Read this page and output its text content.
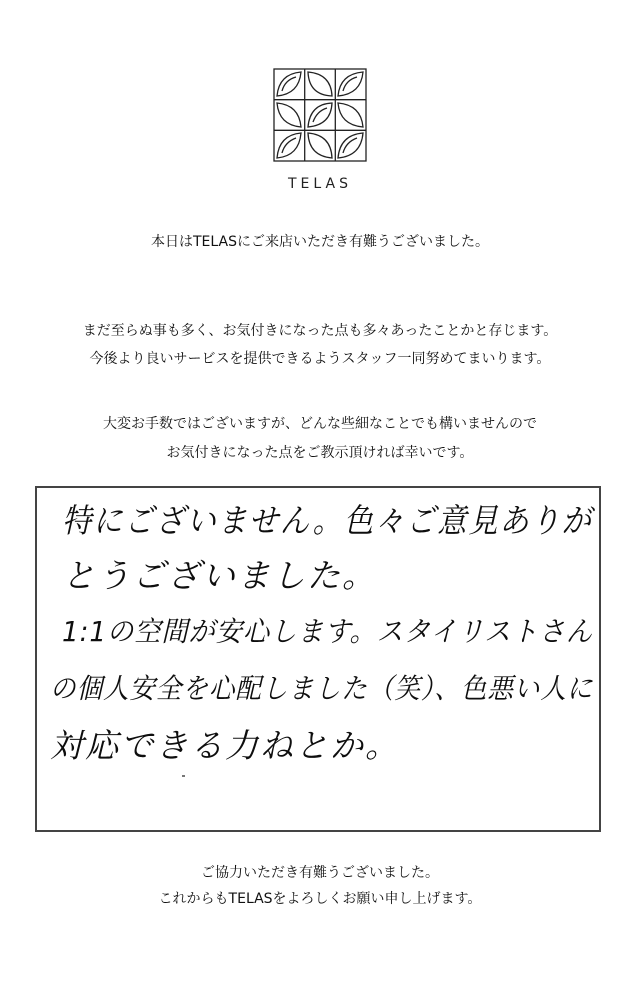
TELAS
本日はTELASにご来店いただき有難うございました。
まだ至らぬ事も多く、お気付きになった点も多々あったことかと存じます。
今後より良いサービスを提供できるようスタッフ一同努めてまいります。
大変お手数ではございますが、どんな些細なことでも構いませんので
お気付きになった点をご教示頂ければ幸いです。
特にございません。色々ご意見ありが
とうございました。
1:1の空間が安心します。スタイリストさん
の個人安全を心配しました（笑）、色悪い人に
対応できる力ねとか。
ご協力いただき有難うございました。
これからもTELASをよろしくお願い申し上げます。
